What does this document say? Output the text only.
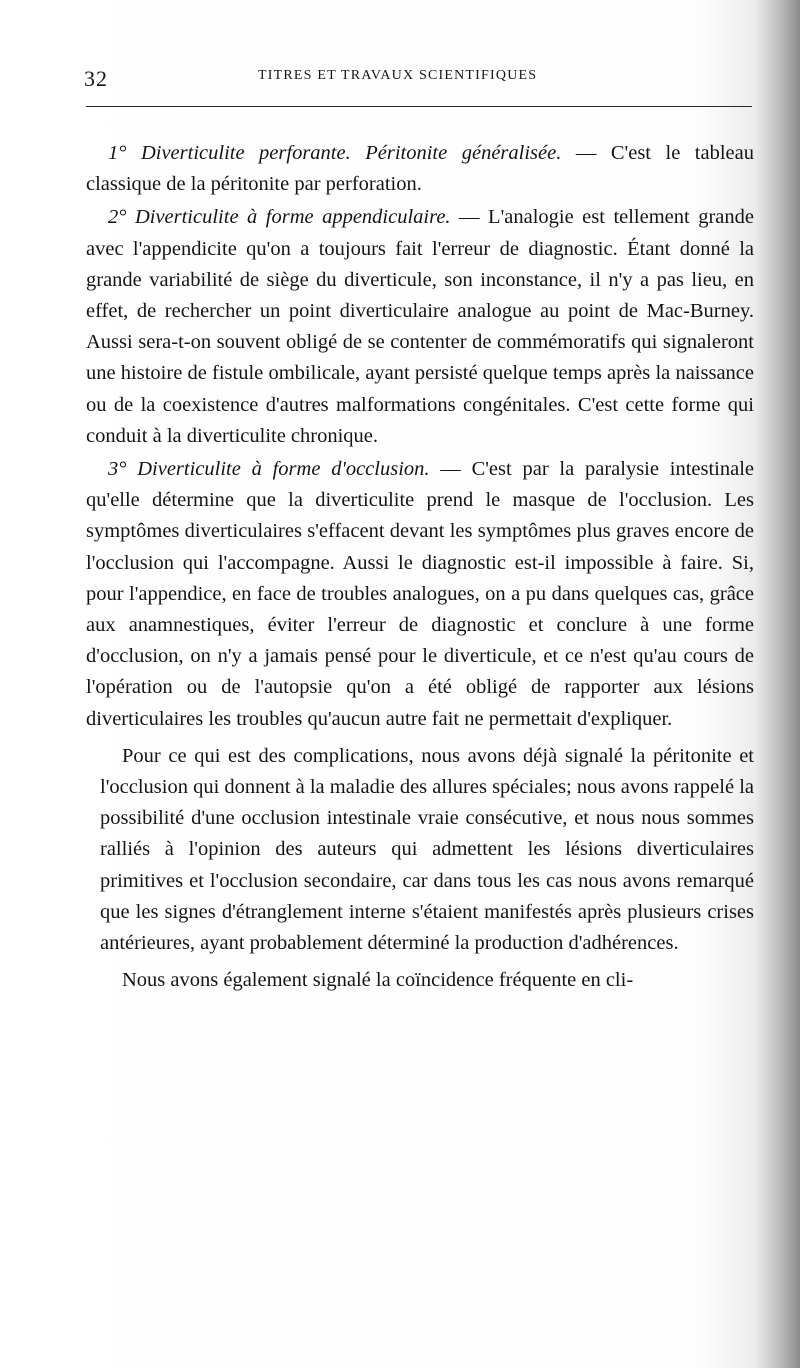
32	TITRES ET TRAVAUX SCIENTIFIQUES

1° Diverticulite perforante. Péritonite généralisée. — C'est le tableau classique de la péritonite par perforation.

2° Diverticulite à forme appendiculaire. — L'analogie est tellement grande avec l'appendicite qu'on a toujours fait l'erreur de diagnostic. Étant donné la grande variabilité de siège du diverticule, son inconstance, il n'y a pas lieu, en effet, de rechercher un point diverticulaire analogue au point de Mac-Burney. Aussi sera-t-on souvent obligé de se contenter de commémoratifs qui signaleront une histoire de fistule ombilicale, ayant persisté quelque temps après la naissance ou de la coexistence d'autres malformations congénitales. C'est cette forme qui conduit à la diverticulite chronique.

3° Diverticulite à forme d'occlusion. — C'est par la paralysie intestinale qu'elle détermine que la diverticulite prend le masque de l'occlusion. Les symptômes diverticulaires s'effacent devant les symptômes plus graves encore de l'occlusion qui l'accompagne. Aussi le diagnostic est-il impossible à faire. Si, pour l'appendice, en face de troubles analogues, on a pu dans quelques cas, grâce aux anamnestiques, éviter l'erreur de diagnostic et conclure à une forme d'occlusion, on n'y a jamais pensé pour le diverticule, et ce n'est qu'au cours de l'opération ou de l'autopsie qu'on a été obligé de rapporter aux lésions diverticulaires les troubles qu'aucun autre fait ne permettait d'expliquer.

Pour ce qui est des complications, nous avons déjà signalé la péritonite et l'occlusion qui donnent à la maladie des allures spéciales; nous avons rappelé la possibilité d'une occlusion intestinale vraie consécutive, et nous nous sommes ralliés à l'opinion des auteurs qui admettent les lésions diverticulaires primitives et l'occlusion secondaire, car dans tous les cas nous avons remarqué que les signes d'étranglement interne s'étaient manifestés après plusieurs crises antérieures, ayant probablement déterminé la production d'adhérences.

Nous avons également signalé la coïncidence fréquente en cli-
